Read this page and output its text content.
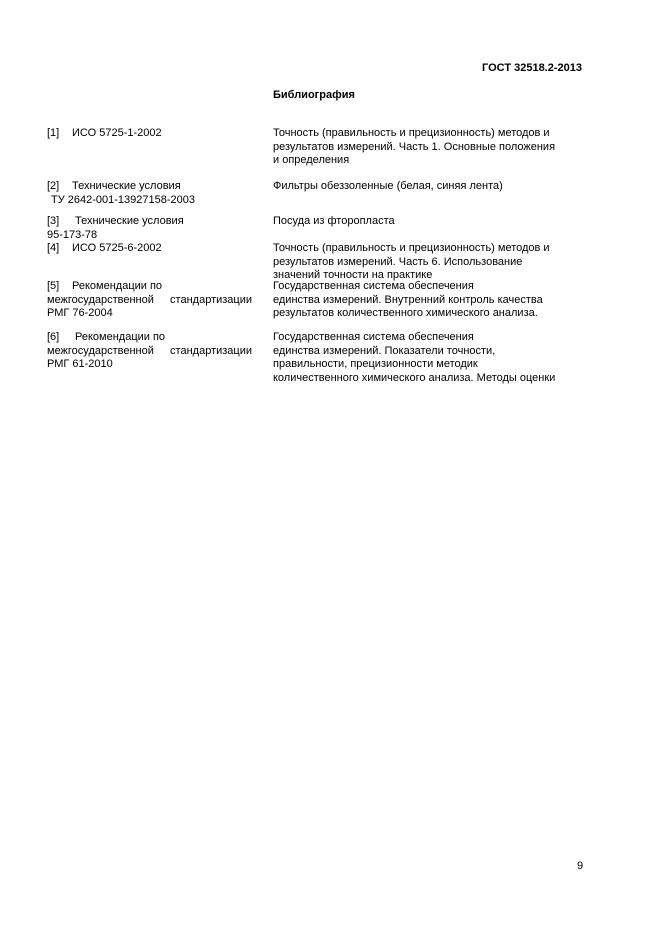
ГОСТ 32518.2-2013
Библиография
[1] ИСО 5725-1-2002	Точность (правильность и прецизионность) методов и
результатов измерений. Часть 1. Основные положения
и определения
[2] Технические условия
ТУ 2642-001-13927158-2003
Фильтры обеззоленные (белая, синяя лента)
[3] Технические условия
95-173-78
Посуда из фторопласта
[4] ИСО 5725-6-2002	Точность (правильность и прецизионность) методов и
результатов измерений. Часть 6. Использование
значений точности на практике
[5] Рекомендации по
межгосударственной стандартизации
РМГ 76-2004
Государственная система обеспечения
единства измерений. Внутренний контроль качества
результатов количественного химического анализа.
[6] Рекомендации по
межгосударственной стандартизации
РМГ 61-2010
Государственная система обеспечения
единства измерений. Показатели точности,
правильности, прецизионности методик
количественного химического анализа. Методы оценки
9
